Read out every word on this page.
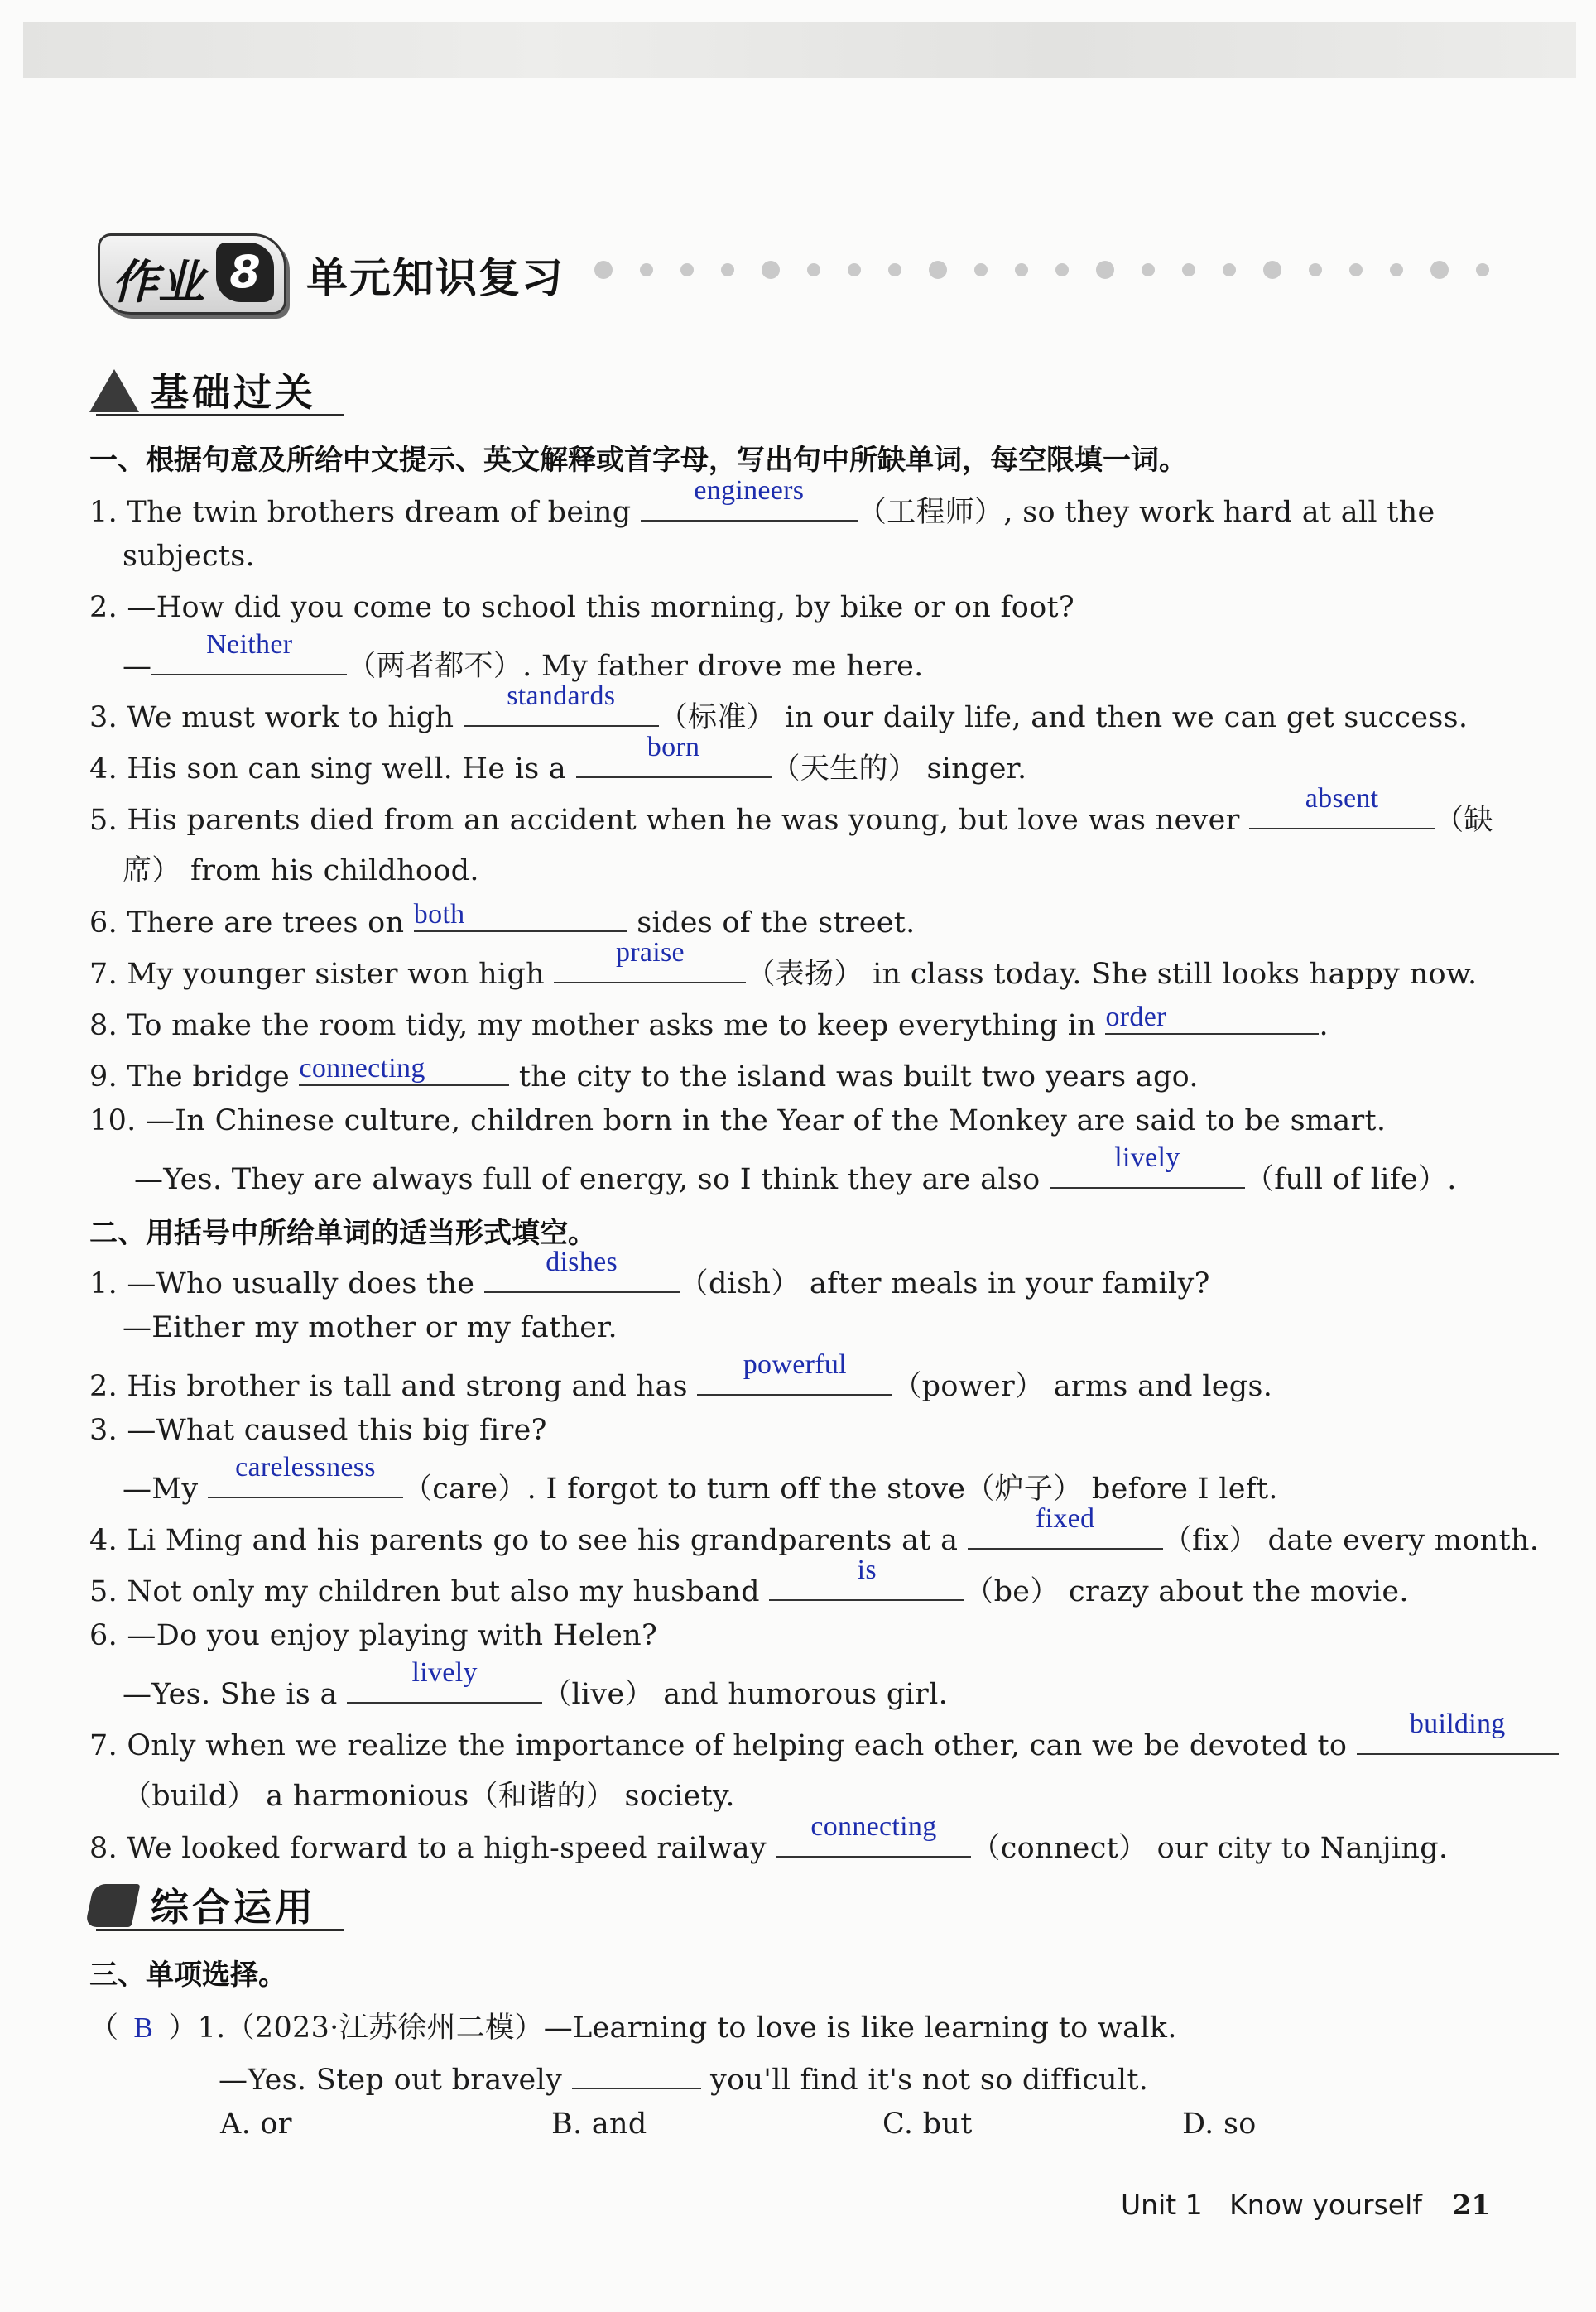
作业 8	单元知识复习
基础过关
一、根据句意及所给中文提示、英文解释或首字母，写出句中所缺单词，每空限填一词。
1. The twin brothers dream of being
engineers
（工程师）, so they work hard at all the
subjects.
2. —How did you come to school this morning, by bike or on foot?
—
Neither
（两者都不）. My father drove me here.
3. We must work to high
standards
（标准） in our daily life, and then we can get success.
4. His son can sing well. He is a
born
（天生的） singer.
5. His parents died from an accident when he was young, but love was never
absent
（缺
席） from his childhood.
6. There are trees on both	sides of the street.
7. My younger sister won high
praise
（表扬） in class today. She still looks happy now.
8. To make the room tidy, my mother asks me to keep everything in order	.
9. The bridge connecting	the city to the island was built two years ago.
10. —In Chinese culture, children born in the Year of the Monkey are said to be smart.
—Yes. They are always full of energy, so I think they are also
lively
（full of life）.
二、用括号中所给单词的适当形式填空。
1. —Who usually does the
dishes
（dish） after meals in your family?
—Either my mother or my father.
2. His brother is tall and strong and has
powerful
（power） arms and legs.
3. —What caused this big fire?
—My
carelessness
（care）. I forgot to turn off the stove（炉子） before I left.
4. Li Ming and his parents go to see his grandparents at a
fixed
（fix） date every month.
5. Not only my children but also my husband
is
（be） crazy about the movie.
6. —Do you enjoy playing with Helen?
—Yes. She is a
lively
（live） and humorous girl.
7. Only when we realize the importance of helping each other, can we be devoted to
building
（build） a harmonious（和谐的） society.
8. We looked forward to a high-speed railway
connecting
（connect） our city to Nanjing.
综合运用
三、单项选择。
（ B ）1.（2023·江苏徐州二模）—Learning to love is like learning to walk.
—Yes. Step out bravely	you'll find it's not so difficult.
A. or	B. and	C. but	D. so
Unit 1 Know yourself 21
